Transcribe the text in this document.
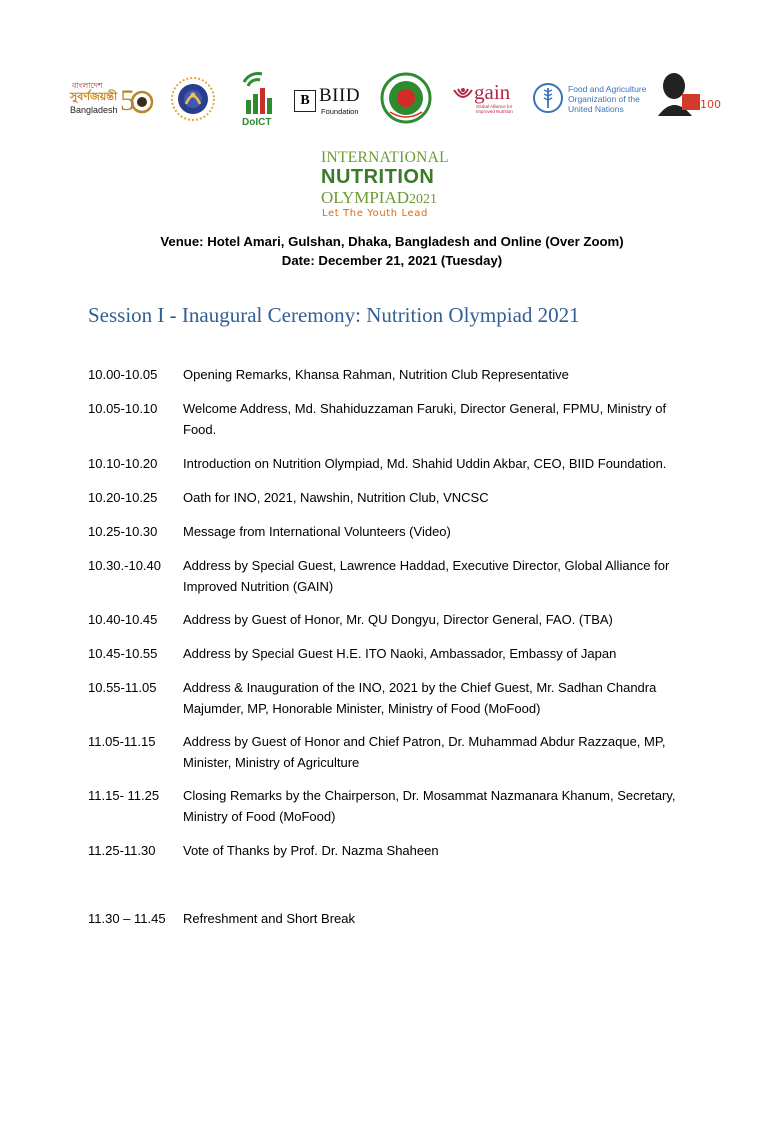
বাংলাদেশ
সুবর্ণজয়ন্তী
Bangladesh 5
DoICT
B BIID
Foundation
gain
Global Alliance for Improved Nutrition
Food and Agriculture
Organization of the
United Nations	100
INTERNATIONAL
NUTRITION
OLYMPIAD2021
Let The Youth Lead
Venue: Hotel Amari, Gulshan, Dhaka, Bangladesh and Online (Over Zoom)
Date: December 21, 2021 (Tuesday)
Session I - Inaugural Ceremony: Nutrition Olympiad 2021
10.00-10.05	Opening Remarks, Khansa Rahman, Nutrition Club Representative
10.05-10.10	Welcome Address, Md. Shahiduzzaman Faruki, Director General, FPMU, Ministry of Food.
10.10-10.20	Introduction on Nutrition Olympiad, Md. Shahid Uddin Akbar, CEO, BIID Foundation.
10.20-10.25	Oath for INO, 2021, Nawshin, Nutrition Club, VNCSC
10.25-10.30	Message from International Volunteers (Video)
10.30.-10.40	Address by Special Guest, Lawrence Haddad, Executive Director, Global Alliance for Improved Nutrition (GAIN)
10.40-10.45	Address by Guest of Honor, Mr. QU Dongyu, Director General, FAO. (TBA)
10.45-10.55	Address by Special Guest H.E. ITO Naoki, Ambassador, Embassy of Japan
10.55-11.05	Address & Inauguration of the INO, 2021 by the Chief Guest, Mr. Sadhan Chandra Majumder, MP, Honorable Minister, Ministry of Food (MoFood)
11.05-11.15	Address by Guest of Honor and Chief Patron, Dr. Muhammad Abdur Razzaque, MP, Minister, Ministry of Agriculture
11.15- 11.25	Closing Remarks by the Chairperson, Dr. Mosammat Nazmanara Khanum, Secretary, Ministry of Food (MoFood)
11.25-11.30	Vote of Thanks by Prof. Dr. Nazma Shaheen
11.30 – 11.45	Refreshment and Short Break
